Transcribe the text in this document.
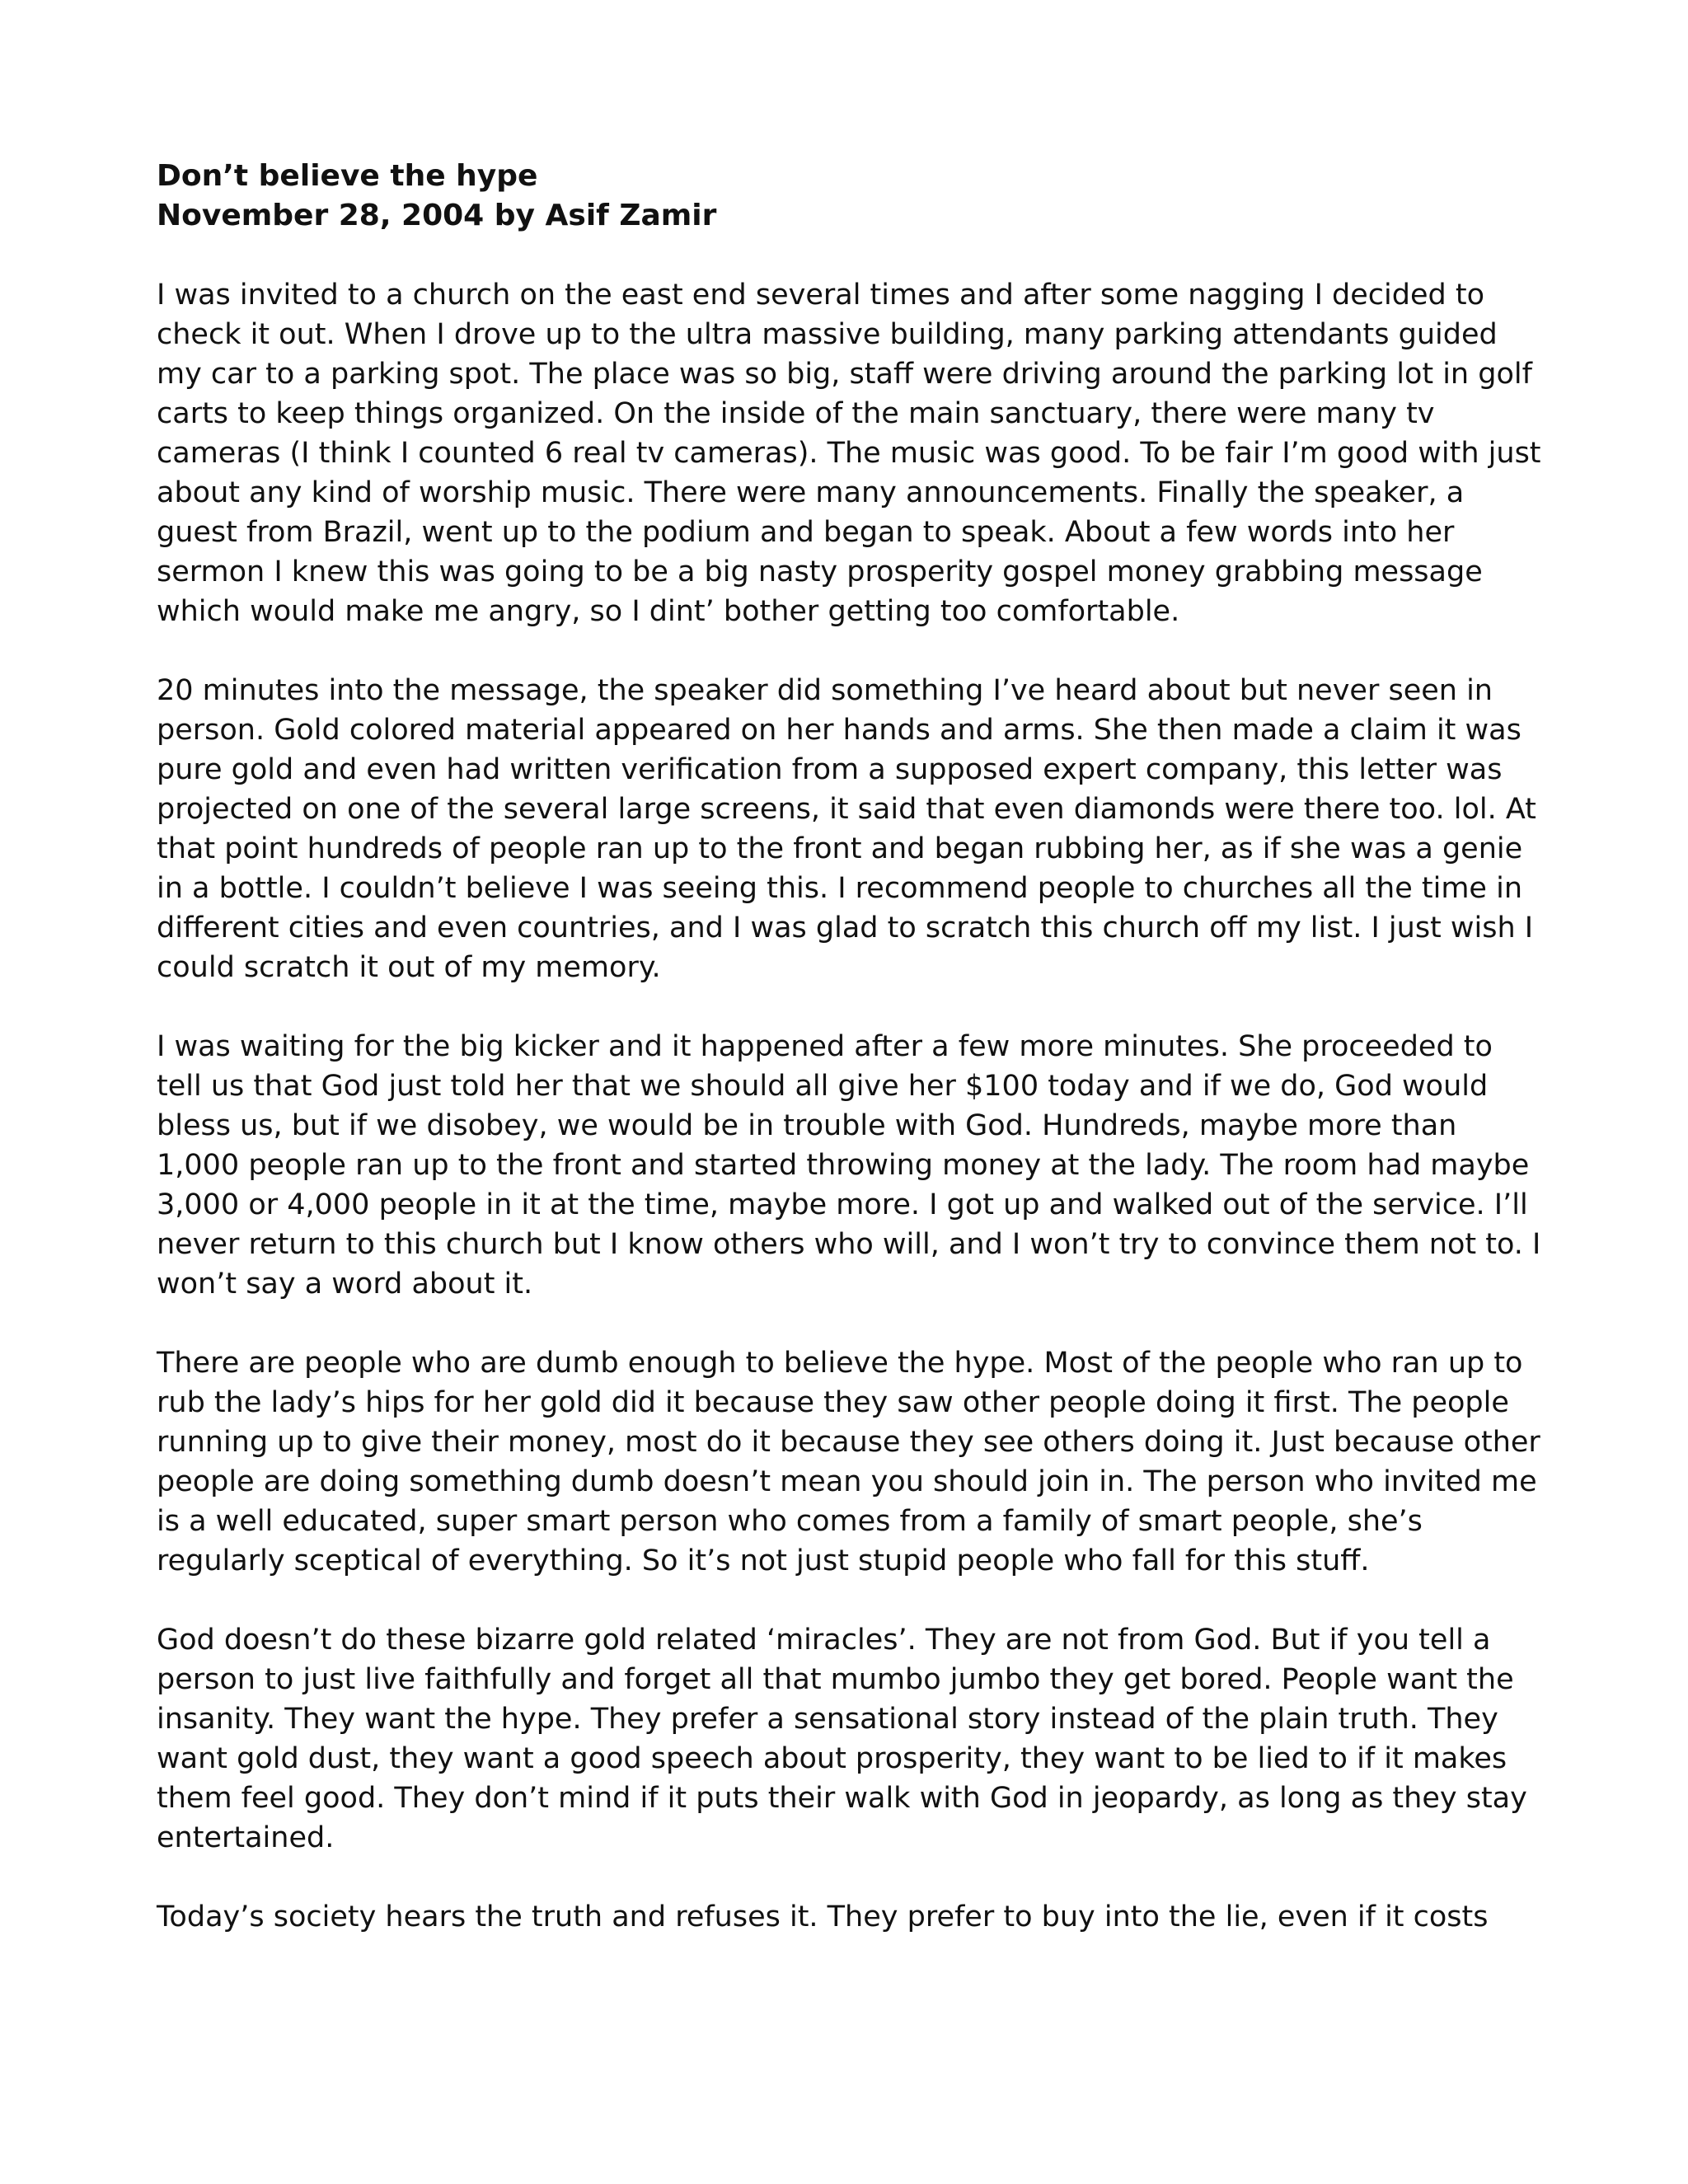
Don’t believe the hype
November 28, 2004 by Asif Zamir

I was invited to a church on the east end several times and after some nagging I decided to check it out. When I drove up to the ultra massive building, many parking attendants guided my car to a parking spot. The place was so big, staff were driving around the parking lot in golf carts to keep things organized. On the inside of the main sanctuary, there were many tv cameras (I think I counted 6 real tv cameras). The music was good. To be fair I’m good with just about any kind of worship music. There were many announcements. Finally the speaker, a guest from Brazil, went up to the podium and began to speak. About a few words into her sermon I knew this was going to be a big nasty prosperity gospel money grabbing message which would make me angry, so I dint’ bother getting too comfortable.

20 minutes into the message, the speaker did something I’ve heard about but never seen in person. Gold colored material appeared on her hands and arms. She then made a claim it was pure gold and even had written verification from a supposed expert company, this letter was projected on one of the several large screens, it said that even diamonds were there too. lol. At that point hundreds of people ran up to the front and began rubbing her, as if she was a genie in a bottle. I couldn’t believe I was seeing this. I recommend people to churches all the time in different cities and even countries, and I was glad to scratch this church off my list. I just wish I could scratch it out of my memory.

I was waiting for the big kicker and it happened after a few more minutes. She proceeded to tell us that God just told her that we should all give her $100 today and if we do, God would bless us, but if we disobey, we would be in trouble with God. Hundreds, maybe more than 1,000 people ran up to the front and started throwing money at the lady. The room had maybe 3,000 or 4,000 people in it at the time, maybe more. I got up and walked out of the service. I’ll never return to this church but I know others who will, and I won’t try to convince them not to. I won’t say a word about it.

There are people who are dumb enough to believe the hype. Most of the people who ran up to rub the lady’s hips for her gold did it because they saw other people doing it first. The people running up to give their money, most do it because they see others doing it. Just because other people are doing something dumb doesn’t mean you should join in. The person who invited me is a well educated, super smart person who comes from a family of smart people, she’s regularly sceptical of everything. So it’s not just stupid people who fall for this stuff.

God doesn’t do these bizarre gold related ‘miracles’. They are not from God. But if you tell a person to just live faithfully and forget all that mumbo jumbo they get bored. People want the insanity. They want the hype. They prefer a sensational story instead of the plain truth. They want gold dust, they want a good speech about prosperity, they want to be lied to if it makes them feel good. They don’t mind if it puts their walk with God in jeopardy, as long as they stay entertained.

Today’s society hears the truth and refuses it. They prefer to buy into the lie, even if it costs
